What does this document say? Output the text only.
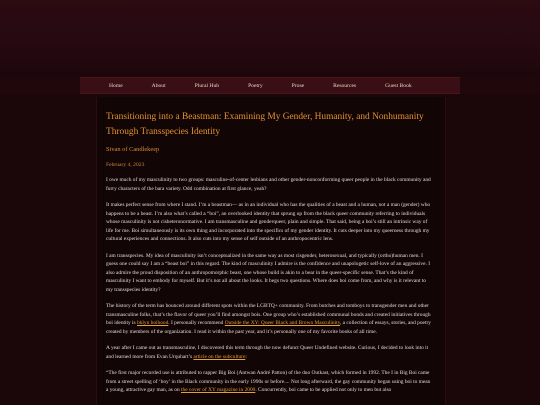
Home	About	Plural Hub	Poetry	Prose	Resources	Guest Book
Transitioning into a Beastman: Examining My Gender, Humanity, and Nonhumanity Through Transspecies Identity
Sivan of Candlekeep
February 4, 2023

I owe much of my masculinity to two groups: masculine-of-center lesbians and other gender-nonconforming queer people in the black community and furry characters of the bara variety. Odd combination at first glance, yeah?

It makes perfect sense from where I stand. I’m a beastman— as in an individual who has the qualities of a beast and a human, not a man (gender) who happens to be a beast. I’m also what’s called a “boi”, an overlooked identity that sprung up from the black queer community referring to individuals whose masculinity is not cisheteronormative. I am transmasculine and genderqueer, plain and simple. That said, being a boi’s still an intrinsic way of life for me. Boi simultaneously is its own thing and incorporated into the specifics of my gender identity. It cuts deeper into my queerness through my cultural experiences and connections. It also cuts into my sense of self outside of an anthropocentric lens.

I am transspecies. My idea of masculinity isn’t conceptualized in the same way as most cisgender, heterosexual, and typically (ortho)human men. I guess one could say I am a “beast boi” in this regard. The kind of masculinity I admire is the confidence and unapologetic self-love of an aggressive. I also admire the proud disposition of an anthropomorphic beast, one whose build is akin to a bear in the queer-specific sense. That’s the kind of masculinity I want to embody for myself. But it’s not all about the looks. It begs two questions. Where does boi come from, and why is it relevant to my transspecies identity?

The history of the term has bounced around different spots within the LGBTQ+ community. From butches and tomboys to transgender men and other transmasculine folks, that’s the flavor of queer you’ll find amongst bois. One group who’s established communal bonds and created initiatives through boi identity is bklyn boihood. I personally recommend Outside the XY: Queer Black and Brown Masculinity, a collection of essays, stories, and poetry created by members of the organization. I read it within the past year, and it’s personally one of my favorite books of all time.

A year after I came out as transmasculine, I discovered this term through the now defunct Queer Undefined website. Curious, I decided to look into it and learned more from Evan Urquhart’s article on the subculture:

“The first major recorded use is attributed to rapper Big Boi (Antwan André Patton) of the duo Outkast, which formed in 1992. The I in Big Boi came from a street spelling of ‘boy’ in the Black community in the early 1990s or before.... Not long afterward, the gay community began using boi to mean a young, attractive gay man, as on the cover of XY magazine in 2000. Concurrently, boi came to be applied not only to men but also
